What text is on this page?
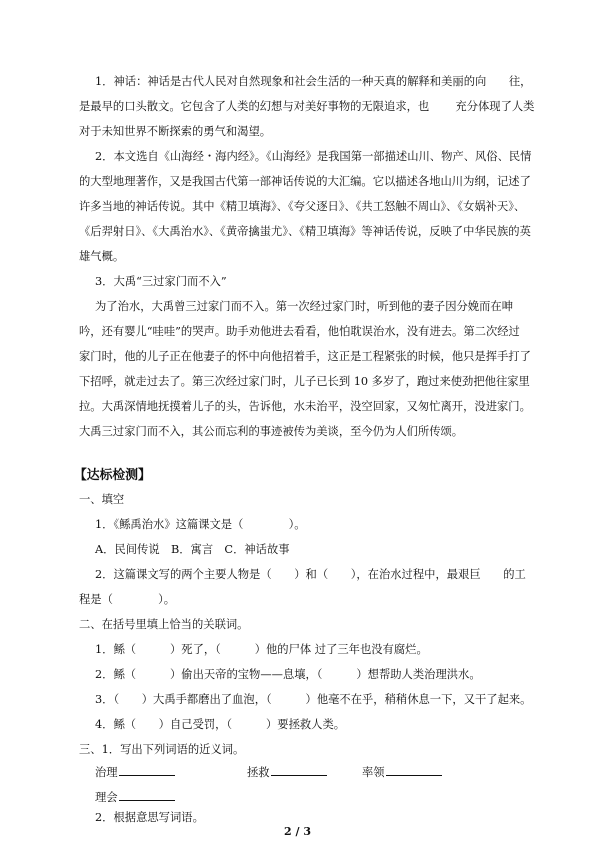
1．神话：神话是古代人民对自然现象和社会生活的一种天真的解释和美丽的向　　往，
是最早的口头散文。它包含了人类的幻想与对美好事物的无限追求，也　　 充分体现了人类
对于未知世界不断探索的勇气和渴望。
2．本文选自《山海经・海内经》。《山海经》是我国第一部描述山川、物产、风俗、民情
的大型地理著作，又是我国古代第一部神话传说的大汇编。它以描述各地山川为纲，记述了
许多当地的神话传说。其中《精卫填海》、《夸父逐日》、《共工怒触不周山》、《女娲补天》、
《后羿射日》、《大禹治水》、《黄帝擒蚩尤》、《精卫填海》等神话传说，反映了中华民族的英
雄气概。
3．大禹“三过家门而不入”
为了治水，大禹曾三过家门而不入。第一次经过家门时，听到他的妻子因分娩而在呻
吟，还有婴儿“哇哇”的哭声。助手劝他进去看看，他怕耽误治水，没有进去。第二次经过
家门时，他的儿子正在他妻子的怀中向他招着手，这正是工程紧张的时候，他只是挥手打了
下招呼，就走过去了。第三次经过家门时，儿子已长到 10 多岁了，跑过来使劲把他往家里
拉。大禹深情地抚摸着儿子的头，告诉他，水未治平，没空回家，又匆忙离开，没进家门。
大禹三过家门而不入，其公而忘利的事迹被传为美谈，至今仍为人们所传颂。
【达标检测】
一、填空
1．《鲧禹治水》这篇课文是（　　　　）。
A．民间传说　B．寓言　C．神话故事
2．这篇课文写的两个主要人物是（　　）和（　　），在治水过程中，最艰巨　　的工
程是（　　　　）。
二、在括号里填上恰当的关联词。
1．鲧（　　　）死了，（　　　）他的尸体 过了三年也没有腐烂。
2．鲧（　　　）偷出天帝的宝物——息壤，（　　　）想帮助人类治理洪水。
3．（　　）大禹手都磨出了血泡，（　　　）他毫不在乎，稍稍休息一下，又干了起来。
4．鲧（　　）自己受罚，（　　　）要拯救人类。
三、1．写出下列词语的近义词。
治理	拯救	率领
理会
2．根据意思写词语。
2 / 3
